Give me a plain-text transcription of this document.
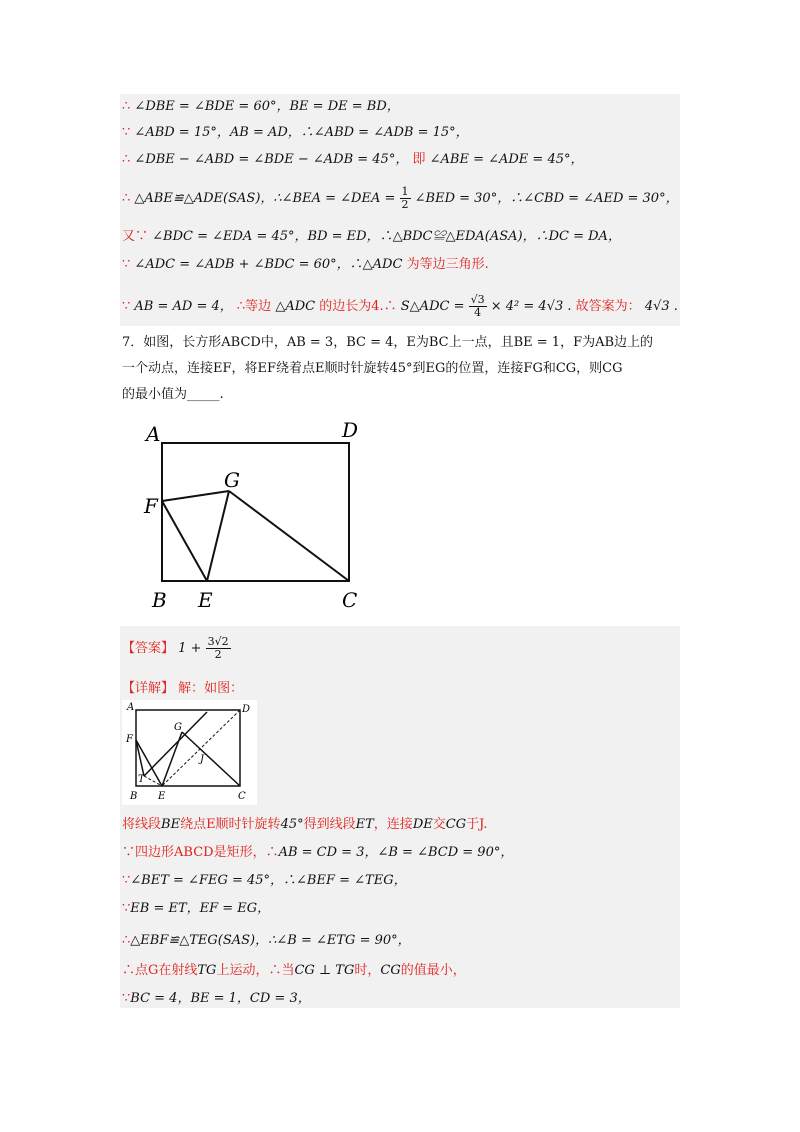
∴ ∠DBE = ∠BDE = 60°，BE = DE = BD，
∵ ∠ABD = 15°，AB = AD，∴∠ABD = ∠ADB = 15°，
∴ ∠DBE − ∠ABD = ∠BDE − ∠ADB = 45°， 即 ∠ABE = ∠ADE = 45°，
∴ △ABE≌△ADE(SAS)，∴∠BEA = ∠DEA = $\frac{1}{2}$ ∠BED = 30°，∴∠CBD = ∠AED = 30°，
又∵ ∠BDC = ∠EDA = 45°，BD = ED，∴△BDC≌△EDA(ASA)，∴DC = DA，
∵ ∠ADC = ∠ADB + ∠BDC = 60°，∴△ADC 为等边三角形.
∵ AB = AD = 4， ∴等边 △ADC 的边长为4.∴ S△ADC = $\frac{√3}{4} \times 4^2 = 4√3$ . 故答案为： 4√3 .
7．如图，长方形ABCD中，AB = 3，BC = 4，E为BC上一点，且BE = 1，F为AB边上的
一个动点，连接EF，将EF绕着点E顺时针旋转45°到EG的位置，连接FG和CG，则CG
的最小值为_____.
A	D
F
G
B E	C
【答案】 $1 + \frac{3√2}{2}$
【详解】 解：如图：
A	D
F
G
J
T
B E	C
将线段BE绕点E顺时针旋转45°得到线段ET，连接DE交CG于J.
∵四边形ABCD是矩形，∴AB = CD = 3，∠B = ∠BCD = 90°，
∵∠BET = ∠FEG = 45°，∴∠BEF = ∠TEG，
∵EB = ET，EF = EG，
∴△EBF≌△TEG(SAS)，∴∠B = ∠ETG = 90°，
∴点G在射线TG上运动，∴当CG ⊥ TG时，CG的值最小，
∵BC = 4，BE = 1，CD = 3，
